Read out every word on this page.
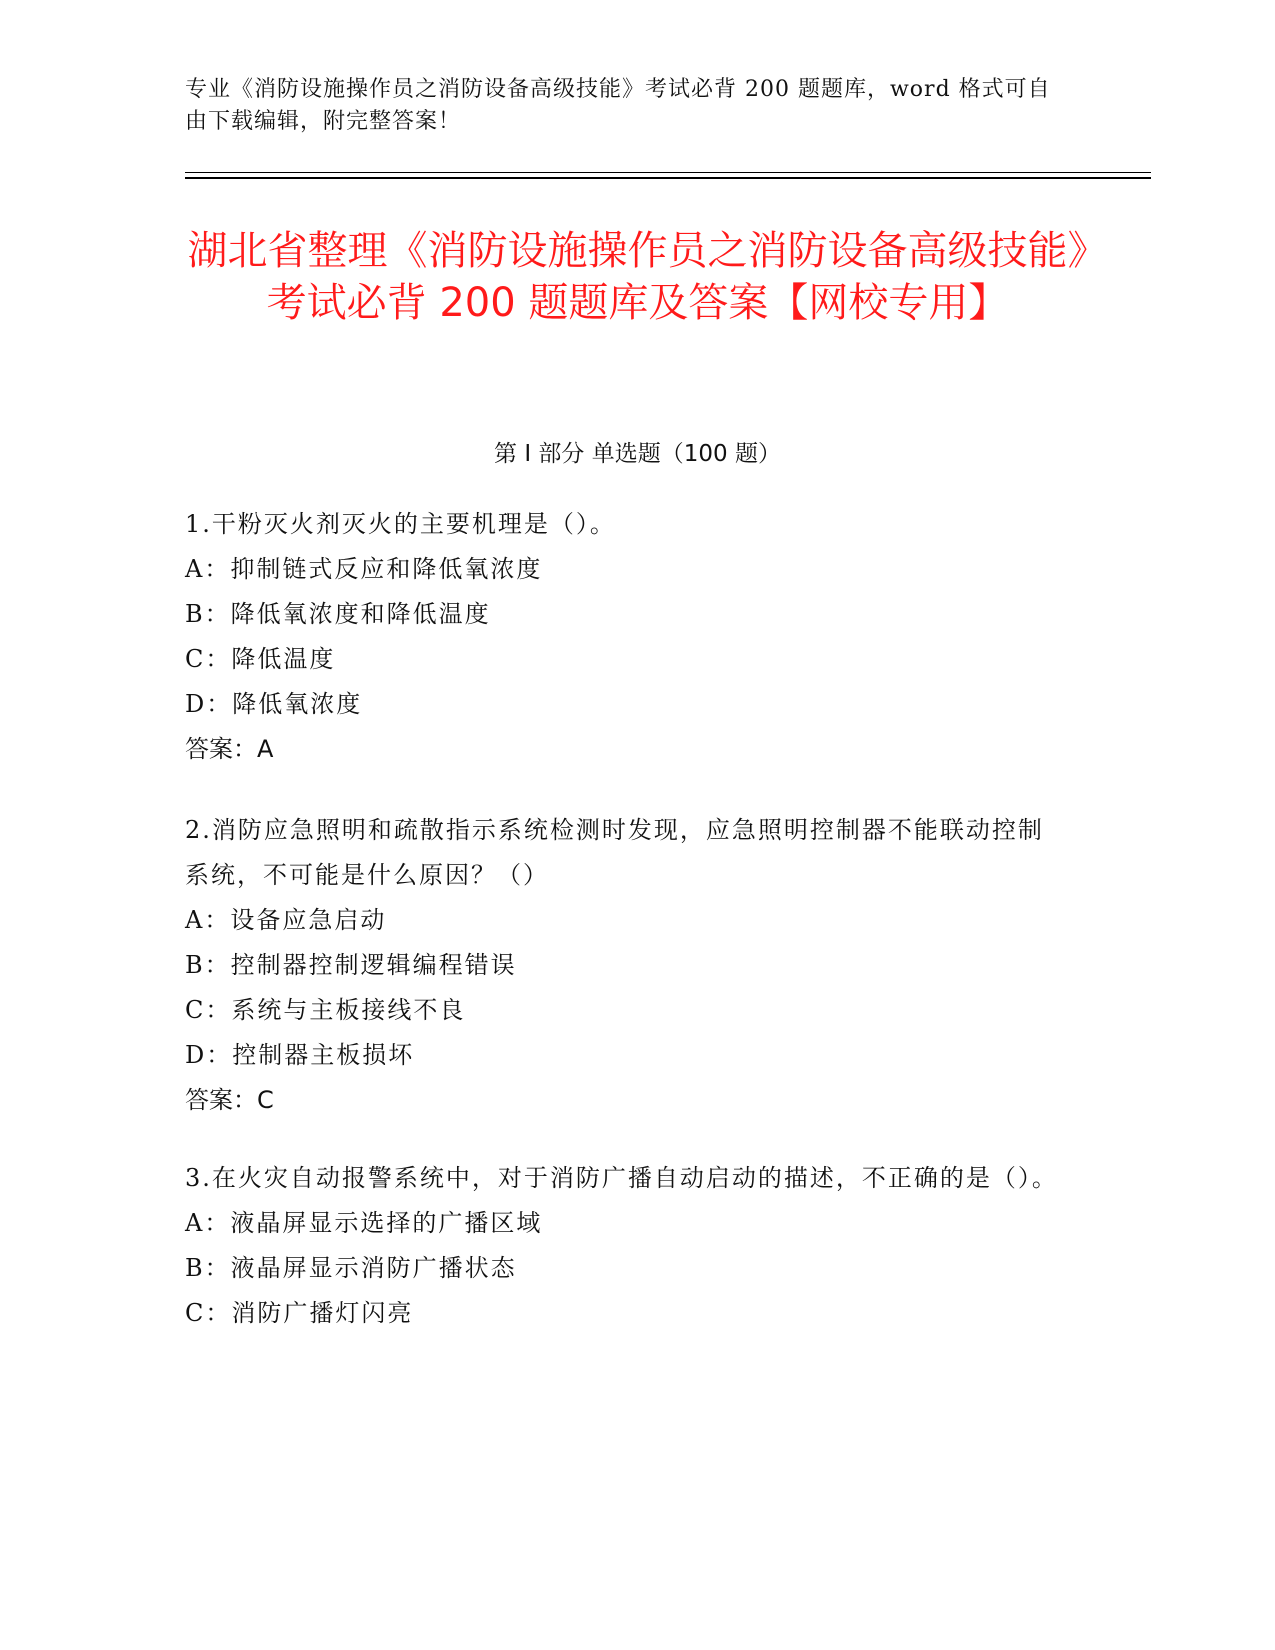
专业《消防设施操作员之消防设备高级技能》考试必背 200 题题库，word 格式可自由下载编辑，附完整答案！
湖北省整理《消防设施操作员之消防设备高级技能》考试必背 200 题题库及答案【网校专用】
第 I 部分 单选题（100 题）
1.干粉灭火剂灭火的主要机理是（）。
A：抑制链式反应和降低氧浓度
B：降低氧浓度和降低温度
C：降低温度
D：降低氧浓度
答案：A
2.消防应急照明和疏散指示系统检测时发现，应急照明控制器不能联动控制系统，不可能是什么原因？（）
A：设备应急启动
B：控制器控制逻辑编程错误
C：系统与主板接线不良
D：控制器主板损坏
答案：C
3.在火灾自动报警系统中，对于消防广播自动启动的描述，不正确的是（）。
A：液晶屏显示选择的广播区域
B：液晶屏显示消防广播状态
C：消防广播灯闪亮
